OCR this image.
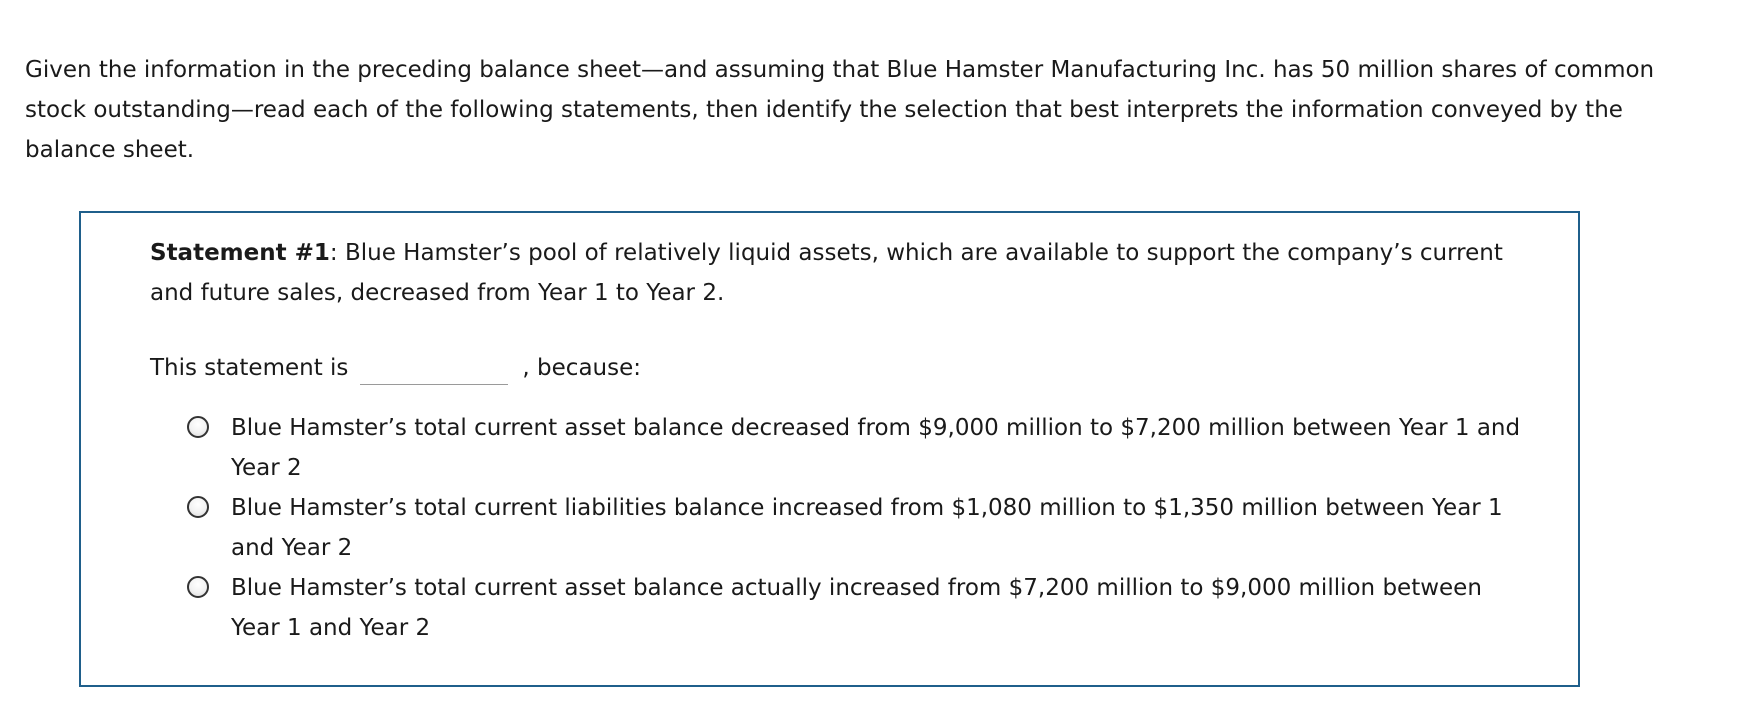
Given the information in the preceding balance sheet—and assuming that Blue Hamster Manufacturing Inc. has 50 million shares of common stock outstanding—read each of the following statements, then identify the selection that best interprets the information conveyed by the balance sheet.

Statement #1: Blue Hamster’s pool of relatively liquid assets, which are available to support the company’s current and future sales, decreased from Year 1 to Year 2.

This statement is	, because:
Blue Hamster’s total current asset balance decreased from $9,000 million to $7,200 million between Year 1 and Year 2
Blue Hamster’s total current liabilities balance increased from $1,080 million to $1,350 million between Year 1 and Year 2
Blue Hamster’s total current asset balance actually increased from $7,200 million to $9,000 million between Year 1 and Year 2
